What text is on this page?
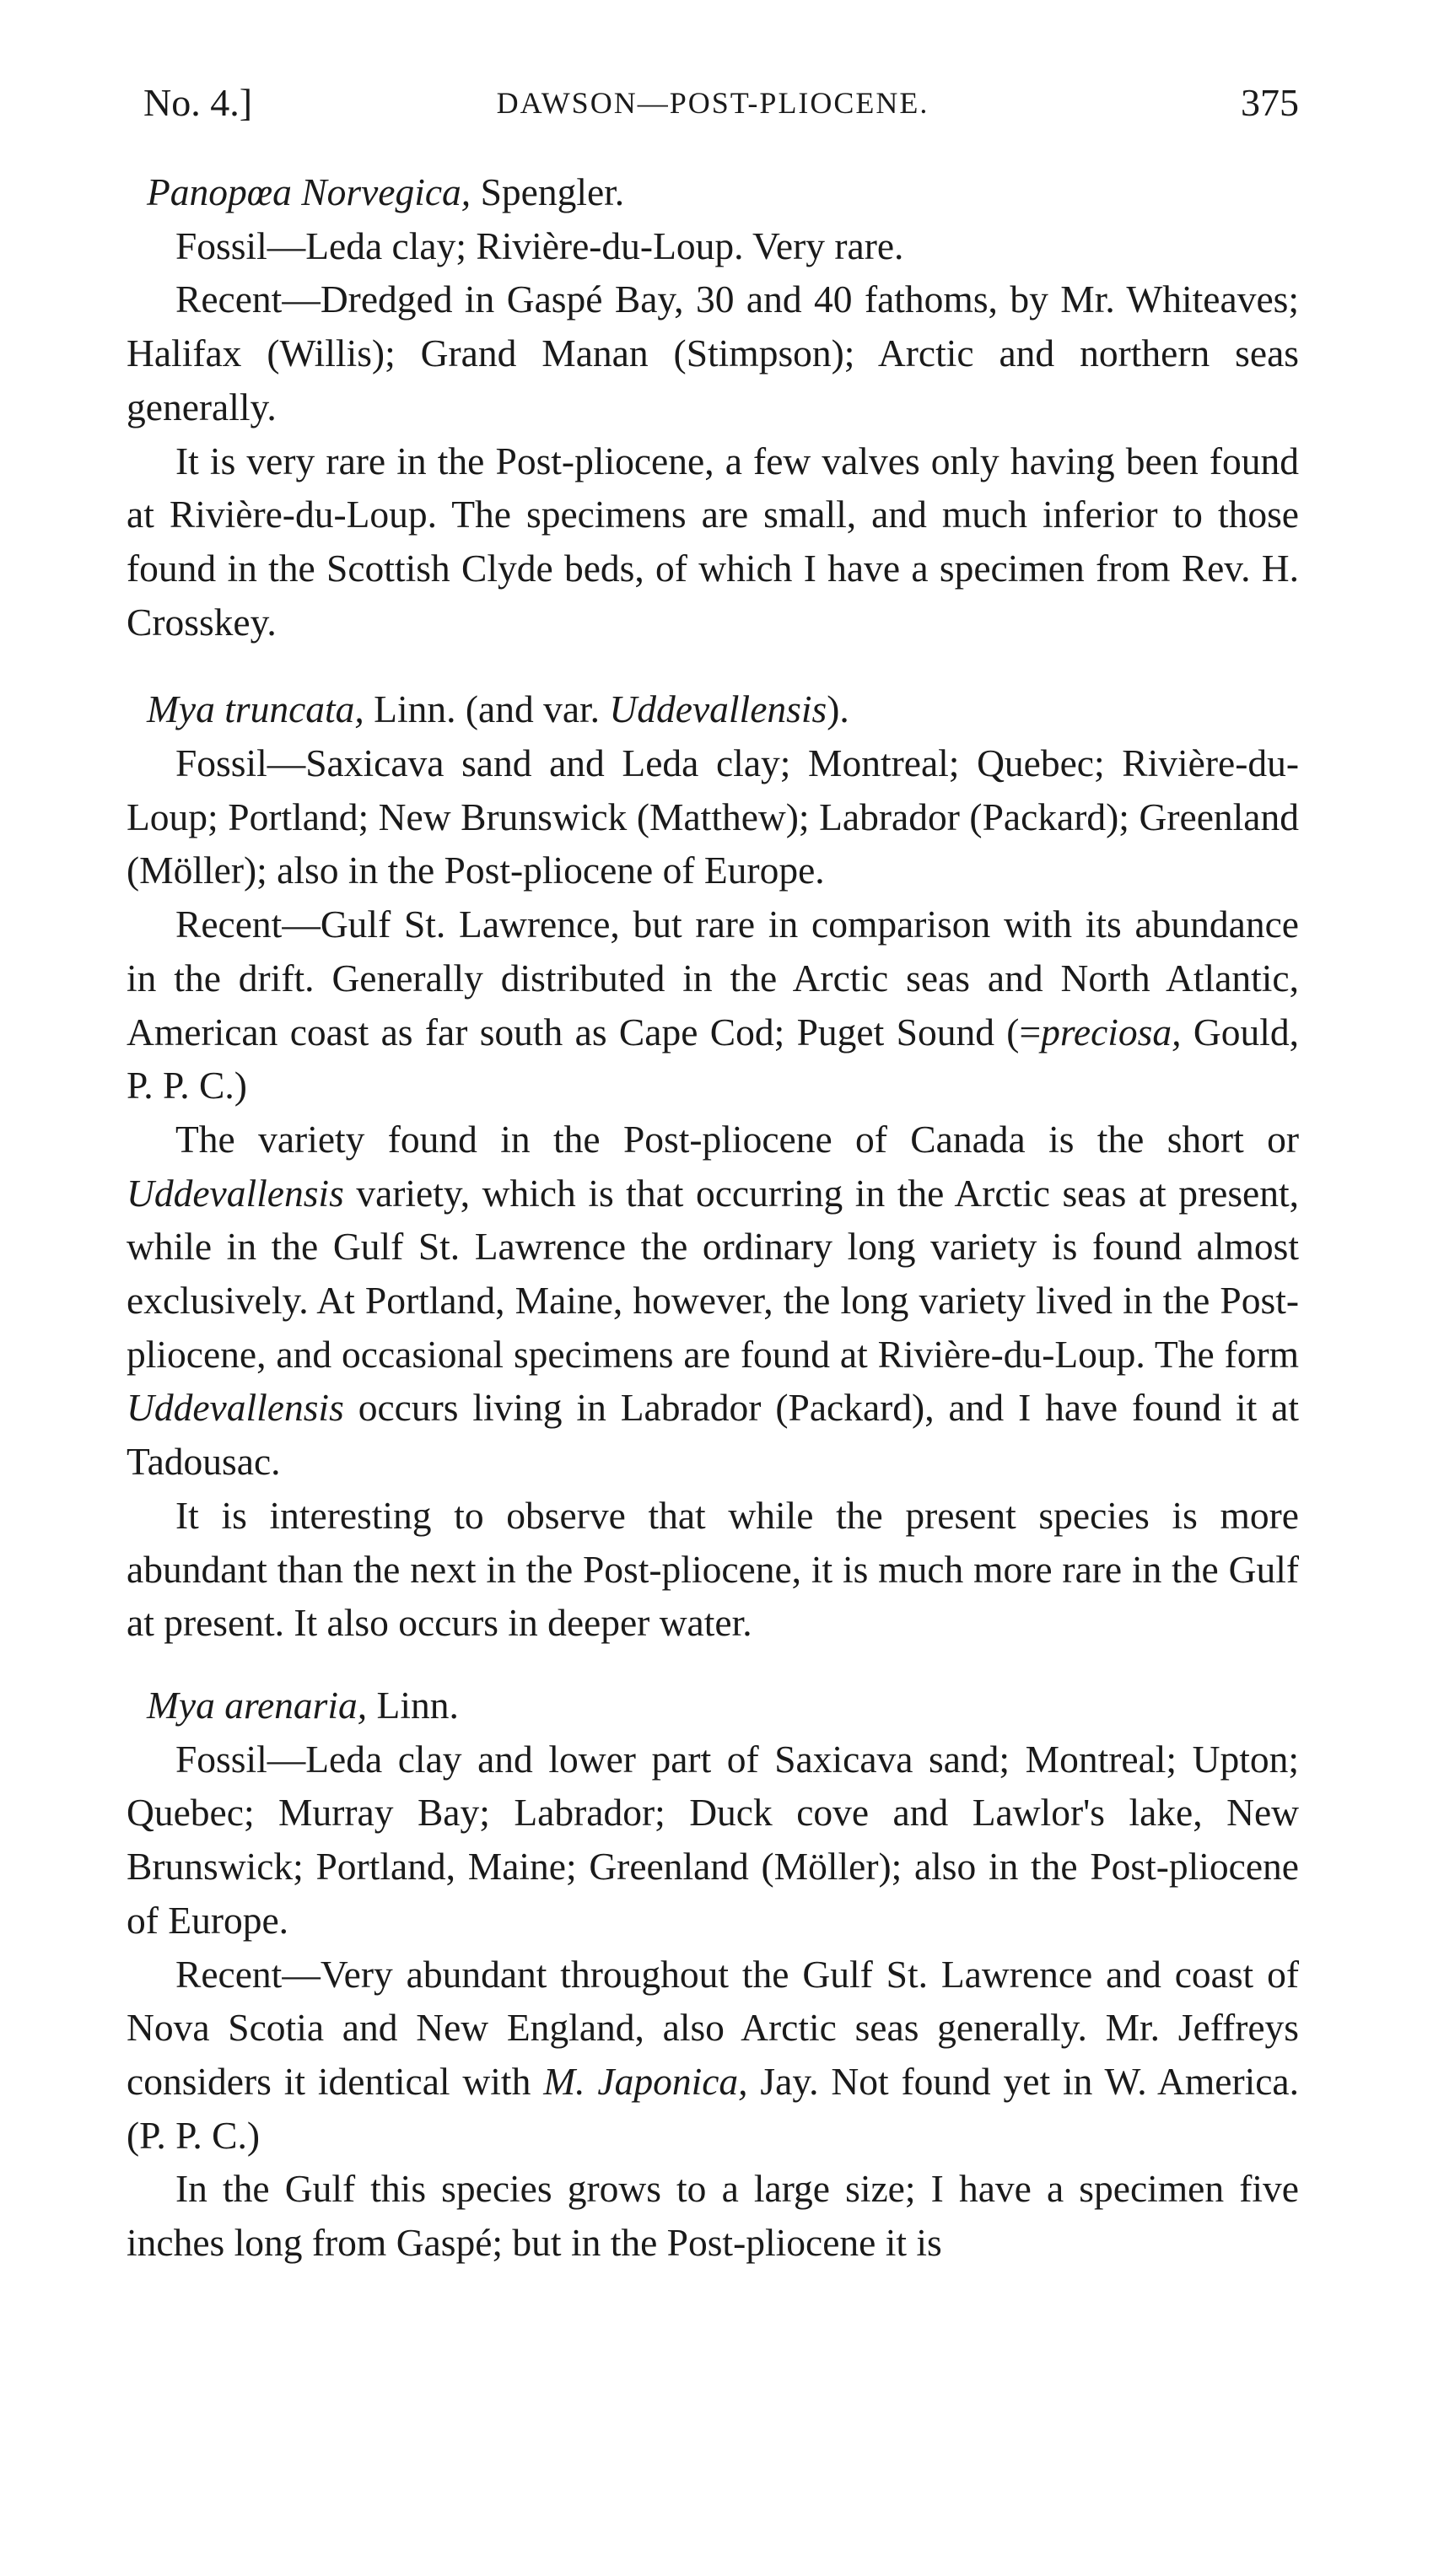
No. 4.]	DAWSON—POST-PLIOCENE.	375

Panopœa Norvegica, Spengler.

Fossil—Leda clay; Rivière-du-Loup. Very rare.

Recent—Dredged in Gaspé Bay, 30 and 40 fathoms, by Mr. Whiteaves; Halifax (Willis); Grand Manan (Stimpson); Arctic and northern seas generally.

It is very rare in the Post-pliocene, a few valves only having been found at Rivière-du-Loup. The specimens are small, and much inferior to those found in the Scottish Clyde beds, of which I have a specimen from Rev. H. Crosskey.

Mya truncata, Linn. (and var. Uddevallensis).

Fossil—Saxicava sand and Leda clay; Montreal; Quebec; Rivière-du-Loup; Portland; New Brunswick (Matthew); Labrador (Packard); Greenland (Möller); also in the Post-pliocene of Europe.

Recent—Gulf St. Lawrence, but rare in comparison with its abundance in the drift. Generally distributed in the Arctic seas and North Atlantic, American coast as far south as Cape Cod; Puget Sound (=preciosa, Gould, P. P. C.)

The variety found in the Post-pliocene of Canada is the short or Uddevallensis variety, which is that occurring in the Arctic seas at present, while in the Gulf St. Lawrence the ordinary long variety is found almost exclusively. At Portland, Maine, however, the long variety lived in the Post-pliocene, and occasional specimens are found at Rivière-du-Loup. The form Uddevallensis occurs living in Labrador (Packard), and I have found it at Tadousac.

It is interesting to observe that while the present species is more abundant than the next in the Post-pliocene, it is much more rare in the Gulf at present. It also occurs in deeper water.

Mya arenaria, Linn.

Fossil—Leda clay and lower part of Saxicava sand; Montreal; Upton; Quebec; Murray Bay; Labrador; Duck cove and Lawlor's lake, New Brunswick; Portland, Maine; Greenland (Möller); also in the Post-pliocene of Europe.

Recent—Very abundant throughout the Gulf St. Lawrence and coast of Nova Scotia and New England, also Arctic seas generally. Mr. Jeffreys considers it identical with M. Japonica, Jay. Not found yet in W. America. (P. P. C.)

In the Gulf this species grows to a large size; I have a specimen five inches long from Gaspé; but in the Post-pliocene it is
